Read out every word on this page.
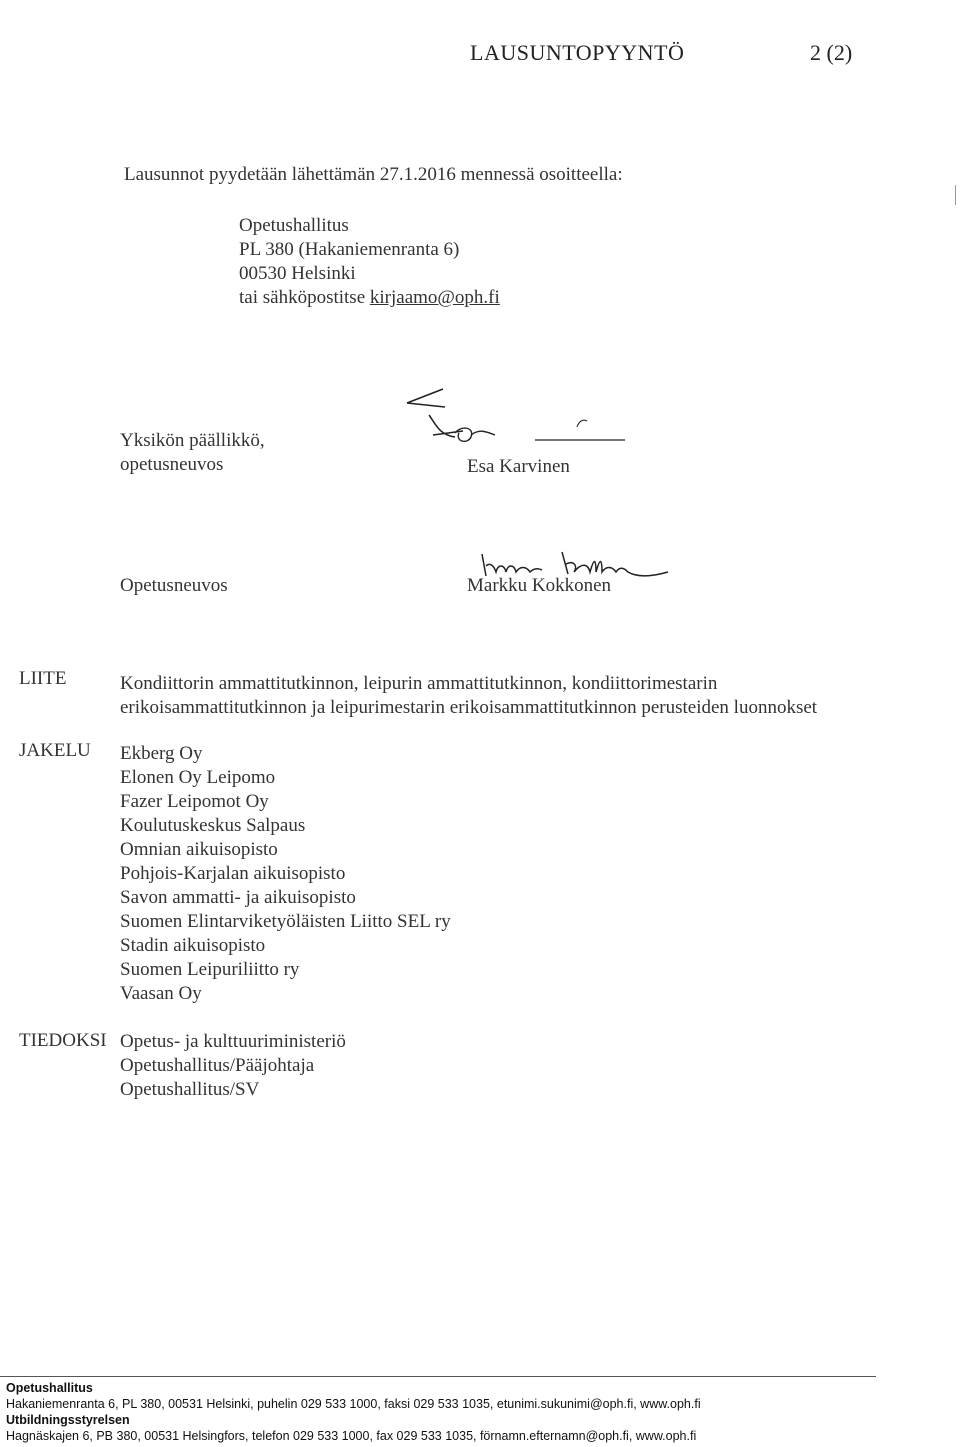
LAUSUNTOPYYNTÖ	2 (2)
Lausunnot pyydetään lähettämän 27.1.2016 mennessä osoitteella:
Opetushallitus
PL 380 (Hakaniemenranta 6)
00530 Helsinki
tai sähköpostitse kirjaamo@oph.fi
Yksikön päällikkö,
opetusneuvos	Esa Karvinen
Opetusneuvos	Markku Kokkonen
LIITE	Kondiittorin ammattitutkinnon, leipurin ammattitutkinnon, kondiittorimestarin
erikoisammattitutkinnon ja leipurimestarin erikoisammattitutkinnon perusteiden luonnokset
JAKELU Ekberg Oy
Elonen Oy Leipomo
Fazer Leipomot Oy
Koulutuskeskus Salpaus
Omnian aikuisopisto
Pohjois-Karjalan aikuisopisto
Savon ammatti- ja aikuisopisto
Suomen Elintarviketyöläisten Liitto SEL ry
Stadin aikuisopisto
Suomen Leipuriliitto ry
Vaasan Oy
TIEDOKSI Opetus- ja kulttuuriministeriö
Opetushallitus/Pääjohtaja
Opetushallitus/SV
Opetushallitus
Hakaniemenranta 6, PL 380, 00531 Helsinki, puhelin 029 533 1000, faksi 029 533 1035, etunimi.sukunimi@oph.fi, www.oph.fi
Utbildningsstyrelsen
Hagnäskajen 6, PB 380, 00531 Helsingfors, telefon 029 533 1000, fax 029 533 1035, förnamn.efternamn@oph.fi, www.oph.fi
